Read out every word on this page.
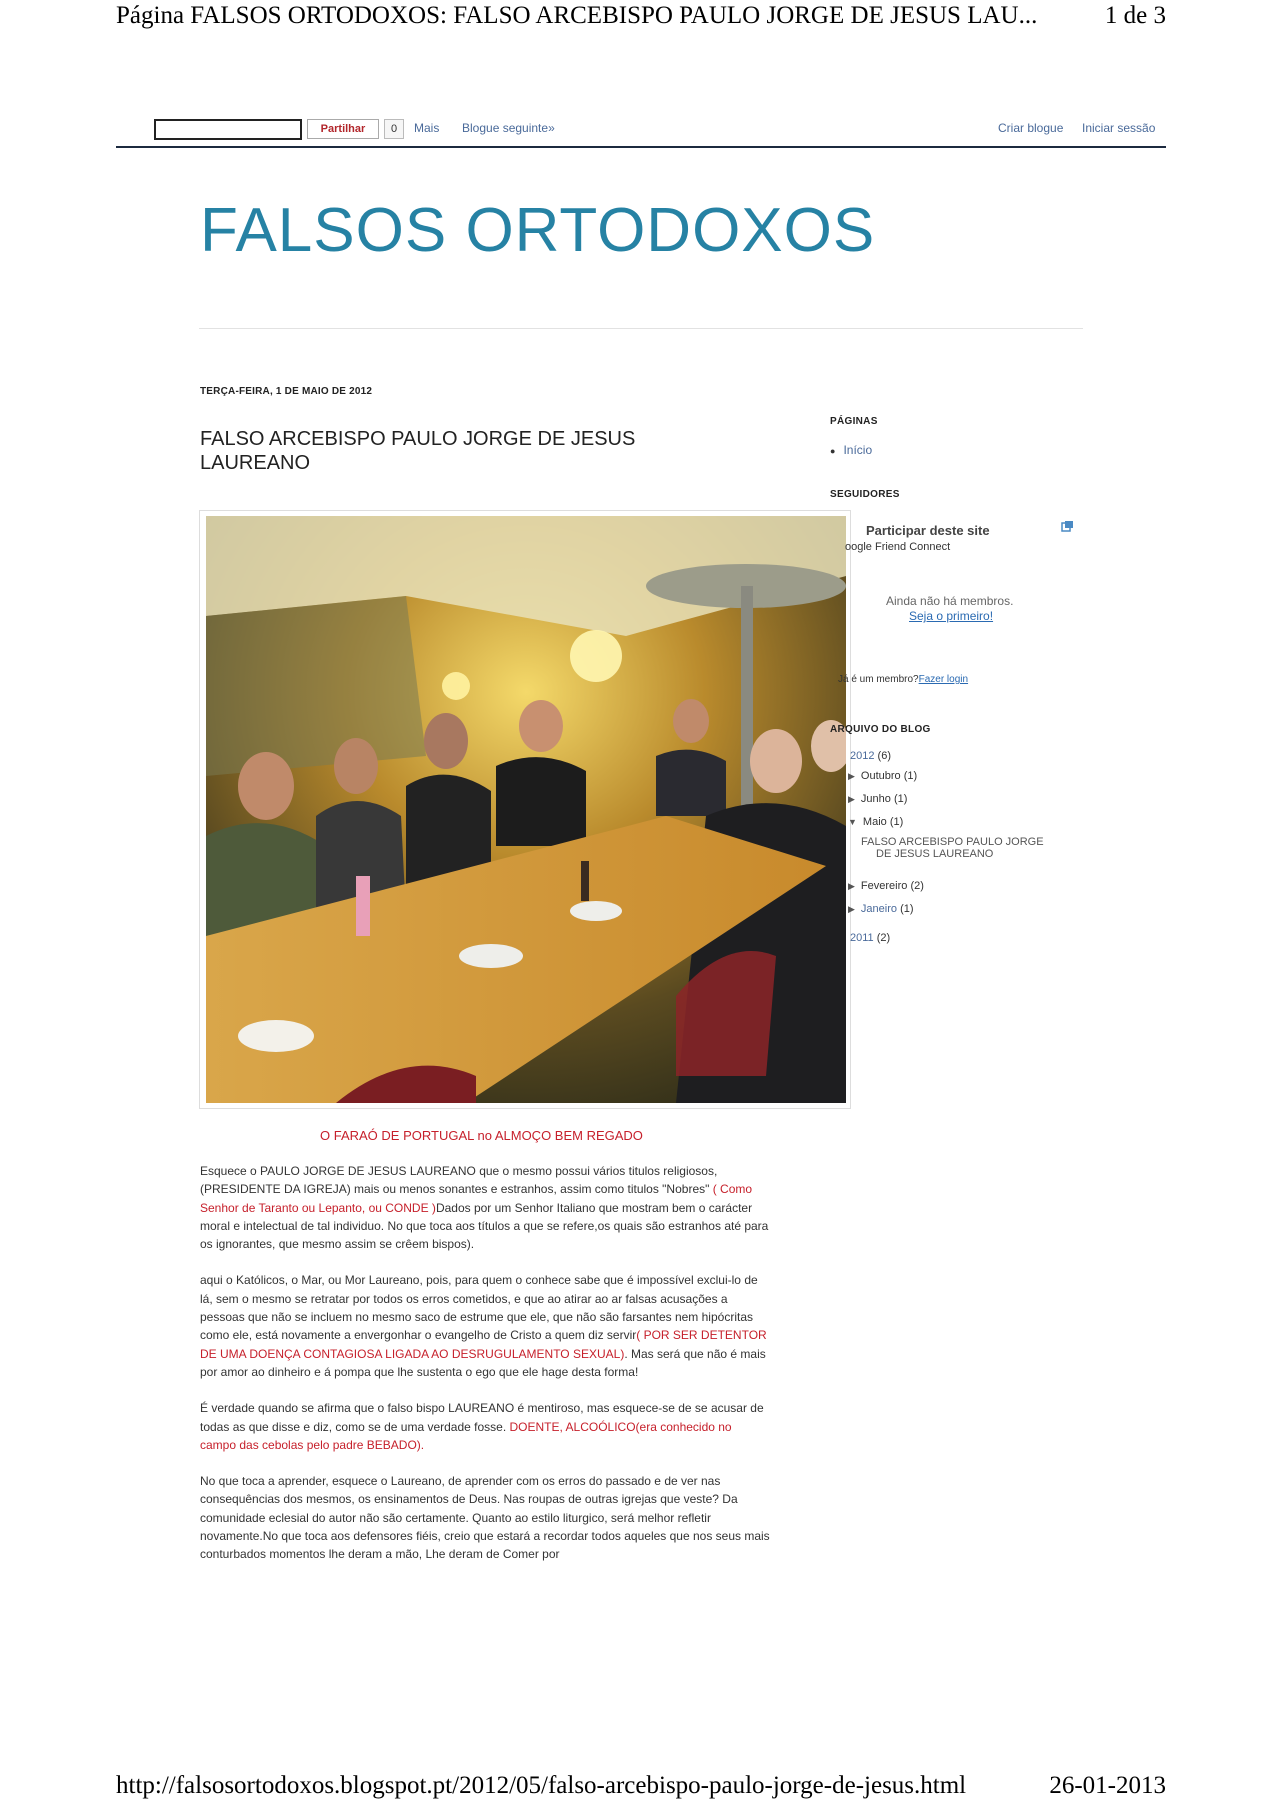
Página FALSOS ORTODOXOS: FALSO ARCEBISPO PAULO JORGE DE JESUS LAU...	1 de 3
Partilhar	0	Mais Blogue seguinte»	Criar blogue Iniciar sessão
FALSOS ORTODOXOS
TERÇA-FEIRA, 1 DE MAIO DE 2012
FALSO ARCEBISPO PAULO JORGE DE JESUS LAUREANO
O FARAÓ DE PORTUGAL no ALMOÇO BEM REGADO

Esquece o PAULO JORGE DE JESUS LAUREANO que o mesmo possui vários titulos religiosos, (PRESIDENTE DA IGREJA) mais ou menos sonantes e estranhos, assim como titulos "Nobres" ( Como Senhor de Taranto ou Lepanto, ou CONDE )Dados por um Senhor Italiano que mostram bem o carácter moral e intelectual de tal individuo. No que toca aos títulos a que se refere,os quais são estranhos até para os ignorantes, que mesmo assim se crêem bispos).

aqui o Katólicos, o Mar, ou Mor Laureano, pois, para quem o conhece sabe que é impossível exclui-lo de lá, sem o mesmo se retratar por todos os erros cometidos, e que ao atirar ao ar falsas acusações a pessoas que não se incluem no mesmo saco de estrume que ele, que não são farsantes nem hipócritas como ele, está novamente a envergonhar o evangelho de Cristo a quem diz servir( POR SER DETENTOR DE UMA DOENÇA CONTAGIOSA LIGADA AO DESRUGULAMENTO SEXUAL). Mas será que não é mais por amor ao dinheiro e á pompa que lhe sustenta o ego que ele hage desta forma!

É verdade quando se afirma que o falso bispo LAUREANO é mentiroso, mas esquece-se de se acusar de todas as que disse e diz, como se de uma verdade fosse. DOENTE, ALCOÓLICO(era conhecido no campo das cebolas pelo padre BEBADO).

No que toca a aprender, esquece o Laureano, de aprender com os erros do passado e de ver nas consequências dos mesmos, os ensinamentos de Deus. Nas roupas de outras igrejas que veste? Da comunidade eclesial do autor não são certamente. Quanto ao estilo liturgico, será melhor refletir novamente.No que toca aos defensores fiéis, creio que estará a recordar todos aqueles que nos seus mais conturbados momentos lhe deram a mão, Lhe deram de Comer por

PÁGINAS
● Início
SEGUIDORES
Participar deste site
oogle Friend Connect
Ainda não há membros.
Seja o primeiro!
Já é um membro?Fazer login
ARQUIVO DO BLOG
2012 (6)
▶ Outubro (1)
▶ Junho (1)
▼ Maio (1)
FALSO ARCEBISPO PAULO JORGE
DE JESUS LAUREANO
▶ Fevereiro (2)
▶ Janeiro (1)
2011 (2)
http://falsosortodoxos.blogspot.pt/2012/05/falso-arcebispo-paulo-jorge-de-jesus.html	26-01-2013
